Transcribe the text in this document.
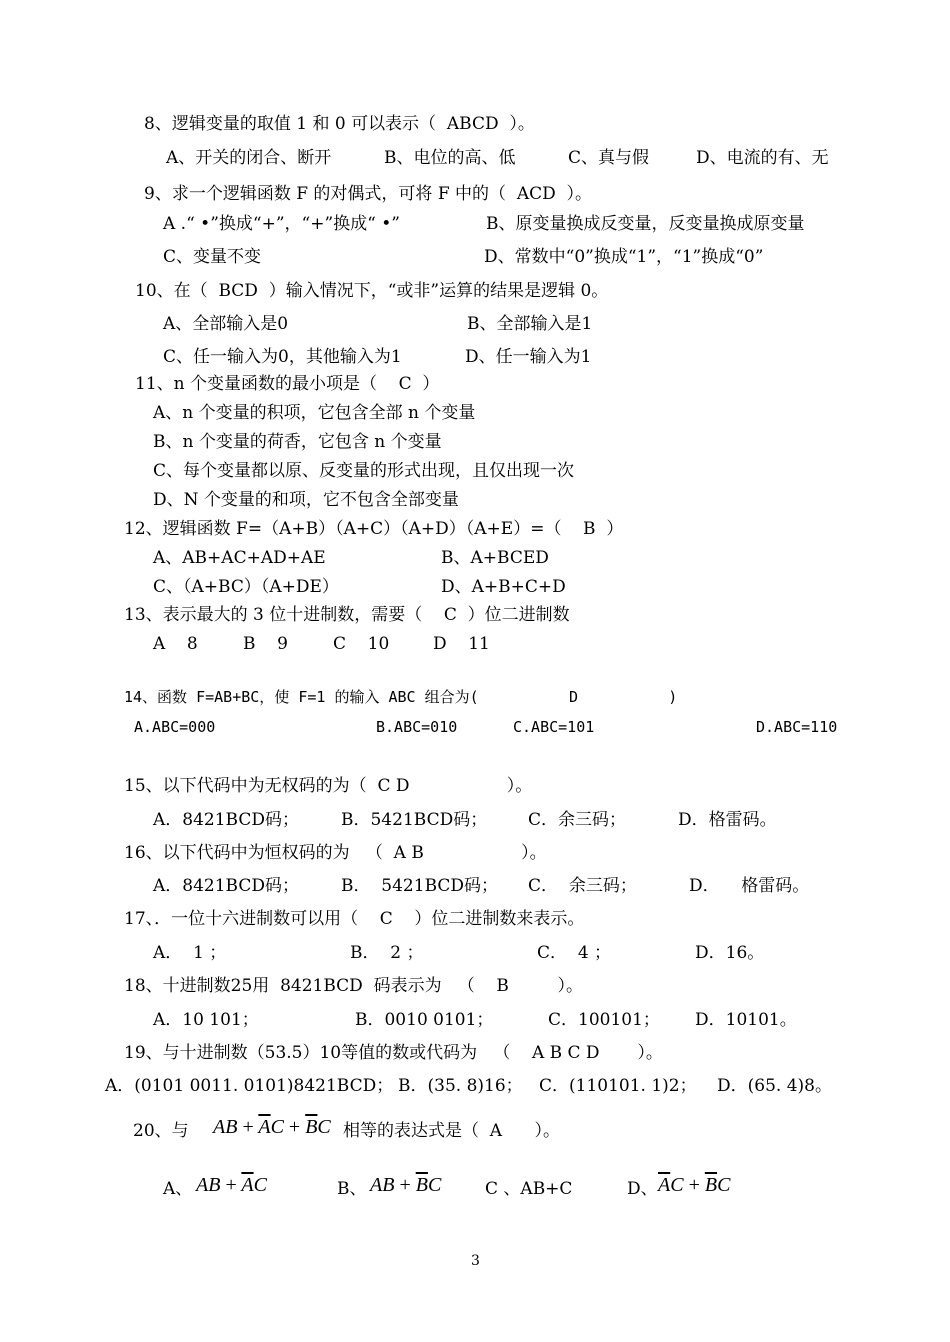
8、逻辑变量的取值 1 和 0 可以表示（  ABCD  ）。
A、开关的闭合、断开	B、电位的高、低	C、真与假	D、电流的有、无
9、求一个逻辑函数 F 的对偶式，可将 F 中的（  ACD  ）。
A .“ •”换成“+”，“+”换成“ •”	B、原变量换成反变量，反变量换成原变量
C、变量不变	D、常数中“0”换成“1”，“1”换成“0”
10、在（  BCD  ）输入情况下，“或非”运算的结果是逻辑 0。
A、全部输入是0	B、全部输入是1
C、任一输入为0，其他输入为1	D、任一输入为1
11、n 个变量函数的最小项是（    C  ）
A、n 个变量的积项，它包含全部 n 个变量
B、n 个变量的荷香，它包含 n 个变量
C、每个变量都以原、反变量的形式出现，且仅出现一次
D、N 个变量的和项，它不包含全部变量
12、逻辑函数 F=（A+B）（A+C）（A+D）（A+E）=（    B  ）
A、AB+AC+AD+AE	B、A+BCED
C、（A+BC）（A+DE）	D、A+B+C+D
13、表示最大的 3 位十进制数，需要（    C  ）位二进制数
A    8	B    9	C    10	D    11
14、函数 F=AB+BC，使 F=1 的输入 ABC 组合为(          D          )
A.ABC=000	B.ABC=010	C.ABC=101	D.ABC=110
15、以下代码中为无权码的为（  C D                  ）。
A．8421BCD码； B．5421BCD码； C．余三码；	D．格雷码。
16、以下代码中为恒权码的为   （  A B                  ）。
A．8421BCD码； B．  5421BCD码； C．  余三码；	D．    格雷码。
17、．一位十六进制数可以用（    C    ）位二进制数来表示。
A．  1 ；	B．  2 ；	C．  4 ；	D．16。
18、十进制数25用  8421BCD  码表示为   （    B         ）。
A．10 101；	B．0010 0101；	C．100101； D．10101。
19、与十进制数（53.5）10等值的数或代码为   （    A B C D       ）。
A．(0101 0011. 0101)8421BCD； B．(35. 8)16； C．(110101. 1)2； D．(65. 4)8。
20、与 AB + $\overline{A}C + \overline{B}C$ 相等的表达式是（  A      ）。
A、 AB + $\overline{A}C$	B、 AB + $\overline{B}C$	C 、AB+C	D、 $\overline{A}C + \overline{B}C$
3
